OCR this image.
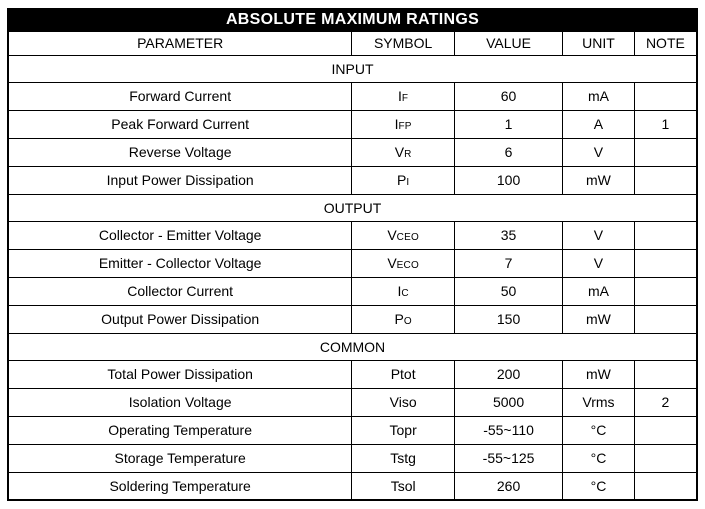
ABSOLUTE MAXIMUM RATINGS				
PARAMETER	SYMBOL	VALUE	UNIT	NOTE
INPUT				
Forward Current	IF	60	mA	
Peak Forward Current	IFP	1	A	1
Reverse Voltage	VR	6	V	
Input Power Dissipation	PI	100	mW	
OUTPUT				
Collector - Emitter Voltage	VCEO	35	V	
Emitter - Collector Voltage	VECO	7	V	
Collector Current	IC	50	mA	
Output Power Dissipation	PO	150	mW	
COMMON				
Total Power Dissipation	Ptot	200	mW	
Isolation Voltage	Viso	5000	Vrms	2
Operating Temperature	Topr	-55~110	°C	
Storage Temperature	Tstg	-55~125	°C	
Soldering Temperature	Tsol	260	°C	
